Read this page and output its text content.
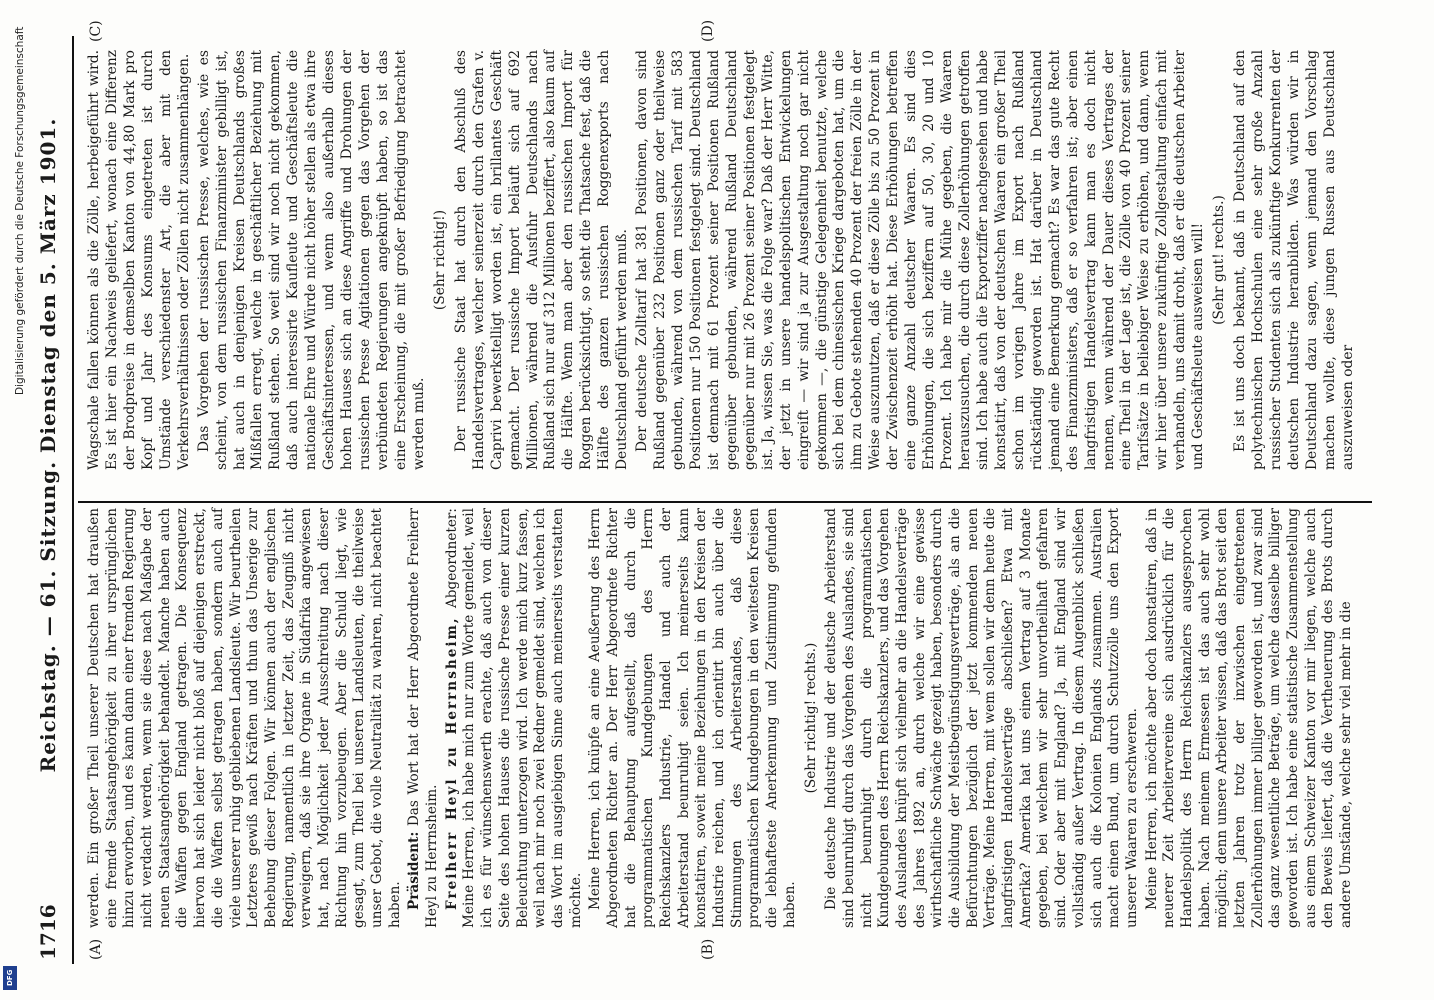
1716
Reichstag. — 61. Sitzung. Dienstag den 5. März 1901.
(A)	(B)
(C)	(D)

werden. Ein großer Theil unserer Deutschen hat draußen eine fremde Staatsangehörigkeit zu ihrer ursprünglichen hinzu erworben, und es kann dann einer fremden Regierung nicht verdacht werden, wenn sie diese nach Maßgabe der neuen Staatsangehörigkeit behandelt. Manche haben auch die Waffen gegen England getragen. Die Konsequenz hiervon hat sich leider nicht bloß auf diejenigen erstreckt, die die Waffen selbst getragen haben, sondern auch auf viele unserer ruhig gebliebenen Landsleute. Wir beurtheilen Letzteres gewiß nach Kräften und thun das Unserige zur Behebung dieser Folgen. Wir können auch der englischen Regierung, namentlich in letzter Zeit, das Zeugniß nicht verweigern, daß sie ihre Organe in Südafrika angewiesen hat, nach Möglichkeit jeder Ausschreitung nach dieser Richtung hin vorzubeugen. Aber die Schuld liegt, wie gesagt, zum Theil bei unseren Landsleuten, die theilweise unser Gebot, die volle Neutralität zu wahren, nicht beachtet haben. Präsident: Das Wort hat der Herr Abgeordnete Freiherr Heyl zu Herrnsheim. Freiherr Heyl zu Herrnsheim, Abgeordneter: Meine Herren, ich habe mich nur zum Worte gemeldet, weil ich es für wünschenswerth erachte, daß auch von dieser Seite des hohen Hauses die russische Presse einer kurzen Beleuchtung unterzogen wird. Ich werde mich kurz fassen, weil nach mir noch zwei Redner gemeldet sind, welchen ich das Wort im ausgiebigen Sinne auch meinerseits verstatten möchte. Meine Herren, ich knüpfe an eine Aeußerung des Herrn Abgeordneten Richter an. Der Herr Abgeordnete Richter hat die Behauptung aufgestellt, daß durch die programmatischen Kundgebungen des Herrn Reichskanzlers Industrie, Handel und auch der Arbeiterstand beunruhigt seien. Ich meinerseits kann konstatiren, soweit meine Beziehungen in den Kreisen der Industrie reichen, und ich orientirt bin auch über die Stimmungen des Arbeiterstandes, daß diese programmatischen Kundgebungen in den weitesten Kreisen die lebhafteste Anerkennung und Zustimmung gefunden haben.

(Sehr richtig! rechts.) Die deutsche Industrie und der deutsche Arbeiterstand sind beunruhigt durch das Vorgehen des Auslandes, sie sind nicht beunruhigt durch die programmatischen Kundgebungen des Herrn Reichskanzlers, und das Vorgehen des Auslandes knüpft sich vielmehr an die Handelsverträge des Jahres 1892 an, durch welche wir eine gewisse wirthschaftliche Schwäche gezeigt haben, besonders durch die Ausbildung der Meistbegünstigungsverträge, als an die Befürchtungen bezüglich der jetzt kommenden neuen Verträge. Meine Herren, mit wem sollen wir denn heute die langfristigen Handelsverträge abschließen? Etwa mit Amerika? Amerika hat uns einen Vertrag auf 3 Monate gegeben, bei welchem wir sehr unvortheilhaft gefahren sind. Oder aber mit England? Ja, mit England sind wir vollständig außer Vertrag. In diesem Augenblick schließen sich auch die Kolonien Englands zusammen. Australien macht einen Bund, um durch Schutzzölle uns den Export unserer Waaren zu erschweren. Meine Herren, ich möchte aber doch konstatiren, daß in neuerer Zeit Arbeitervereine sich ausdrücklich für die Handelspolitik des Herrn Reichskanzlers ausgesprochen haben. Nach meinem Ermessen ist das auch sehr wohl möglich; denn unsere Arbeiter wissen, daß das Brot seit den letzten Jahren trotz der inzwischen eingetretenen Zollerhöhungen immer billiger geworden ist, und zwar sind das ganz wesentliche Beträge, um welche dasselbe billiger geworden ist. Ich habe eine statistische Zusammenstellung aus einem Schweizer Kanton vor mir liegen, welche auch den Beweis liefert, daß die Vertheuerung des Brots durch andere Umstände, welche sehr viel mehr in die

Wagschale fallen können als die Zölle, herbeigeführt wird. Es ist hier ein Nachweis geliefert, wonach eine Differenz der Brodpreise in demselben Kanton von 44,80 Mark pro Kopf und Jahr des Konsums eingetreten ist durch Umstände verschiedenster Art, die aber mit den Verkehrsverhältnissen oder Zöllen nicht zusammenhängen. Das Vorgehen der russischen Presse, welches, wie es scheint, von dem russischen Finanzminister gebilligt ist, hat auch in denjenigen Kreisen Deutschlands großes Mißfallen erregt, welche in geschäftlicher Beziehung mit Rußland stehen. So weit sind wir noch nicht gekommen, daß auch interessirte Kaufleute und Geschäftsleute die nationale Ehre und Würde nicht höher stellen als etwa ihre Geschäftsinteressen, und wenn also außerhalb dieses hohen Hauses sich an diese Angriffe und Drohungen der russischen Presse Agitationen gegen das Vorgehen der verbündeten Regierungen angeknüpft haben, so ist das eine Erscheinung, die mit großer Befriedigung betrachtet werden muß.

(Sehr richtig!) Der russische Staat hat durch den Abschluß des Handelsvertrages, welcher seinerzeit durch den Grafen v. Caprivi bewerkstelligt worden ist, ein brillantes Geschäft gemacht. Der russische Import beläuft sich auf 692 Millionen, während die Ausfuhr Deutschlands nach Rußland sich nur auf 312 Millionen beziffert, also kaum auf die Hälfte. Wenn man aber den russischen Import für Roggen berücksichtigt, so steht die Thatsache fest, daß die Hälfte des ganzen russischen Roggenexports nach Deutschland geführt werden muß. Der deutsche Zolltarif hat 381 Positionen, davon sind Rußland gegenüber 232 Positionen ganz oder theilweise gebunden, während von dem russischen Tarif mit 583 Positionen nur 150 Positionen festgelegt sind. Deutschland ist demnach mit 61 Prozent seiner Positionen Rußland gegenüber gebunden, während Rußland Deutschland gegenüber nur mit 26 Prozent seiner Positionen festgelegt ist. Ja, wissen Sie, was die Folge war? Daß der Herr Witte, der jetzt in unsere handelspolitischen Entwickelungen eingreift — wir sind ja zur Ausgestaltung noch gar nicht gekommen —, die günstige Gelegenheit benutzte, welche sich bei dem chinesischen Kriege dargeboten hat, um die ihm zu Gebote stehenden 40 Prozent der freien Zölle in der Weise auszunutzen, daß er diese Zölle bis zu 50 Prozent in der Zwischenzeit erhöht hat. Diese Erhöhungen betreffen eine ganze Anzahl deutscher Waaren. Es sind dies Erhöhungen, die sich beziffern auf 50, 30, 20 und 10 Prozent. Ich habe mir die Mühe gegeben, die Waaren herauszusuchen, die durch diese Zollerhöhungen getroffen sind. Ich habe auch die Exportziffer nachgesehen und habe konstatirt, daß von der deutschen Waaren ein großer Theil schon im vorigen Jahre im Export nach Rußland rückständig geworden ist. Hat darüber in Deutschland jemand eine Bemerkung gemacht? Es war das gute Recht des Finanzministers, daß er so verfahren ist; aber einen langfristigen Handelsvertrag kann man es doch nicht nennen, wenn während der Dauer dieses Vertrages der eine Theil in der Lage ist, die Zölle von 40 Prozent seiner Tarifsätze in beliebiger Weise zu erhöhen, und dann, wenn wir hier über unsere zukünftige Zollgestaltung einfach mit verhandeln, uns damit droht, daß er die deutschen Arbeiter und Geschäftsleute ausweisen will! (Sehr gut! rechts.) Es ist uns doch bekannt, daß in Deutschland auf den polytechnischen Hochschulen eine sehr große Anzahl russischer Studenten sich als zukünftige Konkurrenten der deutschen Industrie heranbilden. Was würden wir in Deutschland dazu sagen, wenn jemand den Vorschlag machen wollte, diese jungen Russen aus Deutschland auszuweisen oder

Digitalisierung gefördert durch die Deutsche Forschungsgemeinschaft
DFG
